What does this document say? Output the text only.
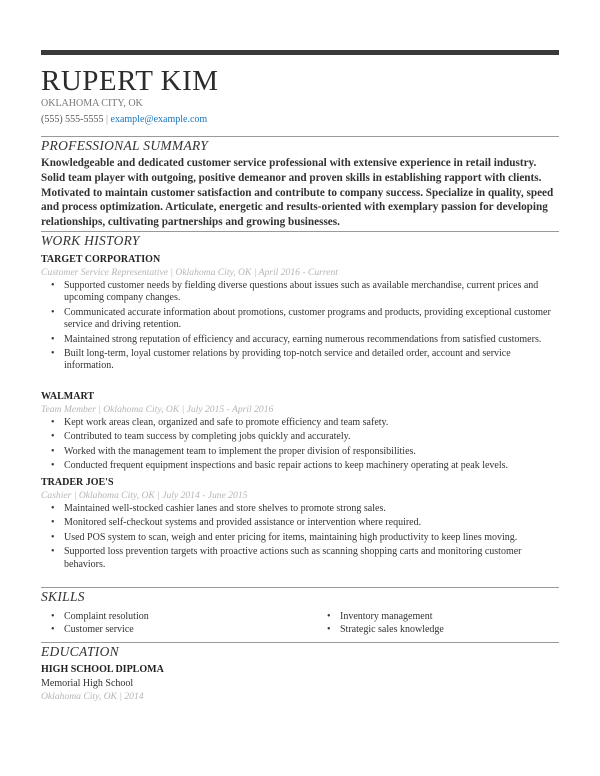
RUPERT KIM
OKLAHOMA CITY, OK
(555) 555-5555 | example@example.com
PROFESSIONAL SUMMARY
Knowledgeable and dedicated customer service professional with extensive experience in retail industry. Solid team player with outgoing, positive demeanor and proven skills in establishing rapport with clients. Motivated to maintain customer satisfaction and contribute to company success. Specialize in quality, speed and process optimization. Articulate, energetic and results-oriented with exemplary passion for developing relationships, cultivating partnerships and growing businesses.
WORK HISTORY
TARGET CORPORATION
Customer Service Representative | Oklahoma City, OK | April 2016 - Current
• Supported customer needs by fielding diverse questions about issues such as available merchandise, current prices and upcoming company changes.
• Communicated accurate information about promotions, customer programs and products, providing exceptional customer service and driving retention.
• Maintained strong reputation of efficiency and accuracy, earning numerous recommendations from satisfied customers.
• Built long-term, loyal customer relations by providing top-notch service and detailed order, account and service information.
WALMART
Team Member | Oklahoma City, OK | July 2015 - April 2016
• Kept work areas clean, organized and safe to promote efficiency and team safety.
• Contributed to team success by completing jobs quickly and accurately.
• Worked with the management team to implement the proper division of responsibilities.
• Conducted frequent equipment inspections and basic repair actions to keep machinery operating at peak levels.
TRADER JOE'S
Cashier | Oklahoma City, OK | July 2014 - June 2015
• Maintained well-stocked cashier lanes and store shelves to promote strong sales.
• Monitored self-checkout systems and provided assistance or intervention where required.
• Used POS system to scan, weigh and enter pricing for items, maintaining high productivity to keep lines moving.
• Supported loss prevention targets with proactive actions such as scanning shopping carts and monitoring customer behaviors.
SKILLS
• Complaint resolution
• Customer service
• Inventory management
• Strategic sales knowledge
EDUCATION
HIGH SCHOOL DIPLOMA
Memorial High School
Oklahoma City, OK | 2014
